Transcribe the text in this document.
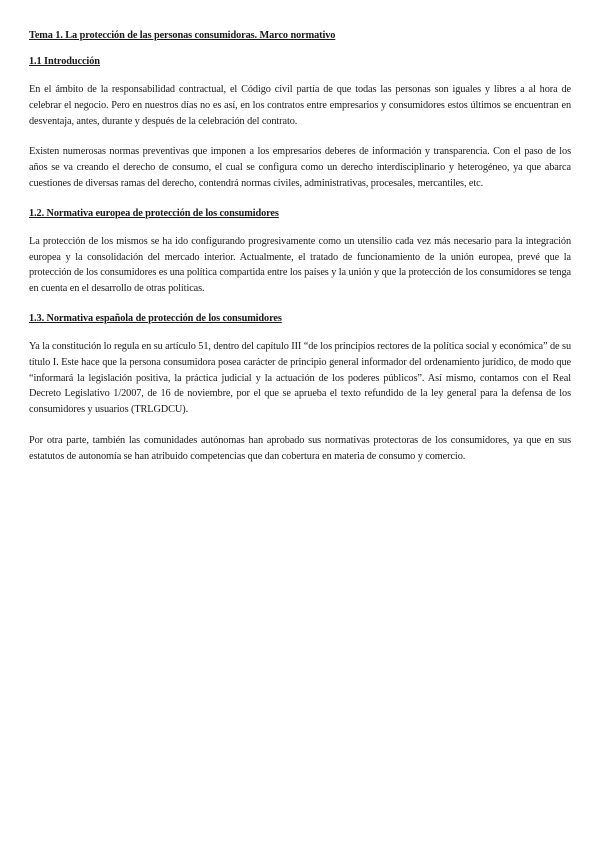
Tema 1. La protección de las personas consumidoras. Marco normativo
1.1 Introducción

En el ámbito de la responsabilidad contractual, el Código civil partía de que todas las personas son iguales y libres a al hora de celebrar el negocio. Pero en nuestros días no es así, en los contratos entre empresarios y consumidores estos últimos se encuentran en desventaja, antes, durante y después de la celebración del contrato.

Existen numerosas normas preventivas que imponen a los empresarios deberes de información y transparencia. Con el paso de los años se va creando el derecho de consumo, el cual se configura como un derecho interdisciplinario y heterogéneo, ya que abarca cuestiones de diversas ramas del derecho, contendrá normas civiles, administrativas, procesales, mercantiles, etc.

1.2. Normativa europea de protección de los consumidores

La protección de los mismos se ha ido configurando progresivamente como un utensilio cada vez más necesario para la integración europea y la consolidación del mercado interior. Actualmente, el tratado de funcionamiento de la unión europea, prevé que la protección de los consumidores es una política compartida entre los países y la unión y que la protección de los consumidores se tenga en cuenta en el desarrollo de otras políticas.

1.3. Normativa española de protección de los consumidores

Ya la constitución lo regula en su artículo 51, dentro del capítulo III “de los principios rectores de la política social y económica” de su título I. Este hace que la persona consumidora posea carácter de principio general informador del ordenamiento jurídico, de modo que “informará la legislación positiva, la práctica judicial y la actuación de los poderes públicos”. Así mismo, contamos con el Real Decreto Legislativo 1/2007, de 16 de noviembre, por el que se aprueba el texto refundido de la ley general para la defensa de los consumidores y usuarios (TRLGDCU).

Por otra parte, también las comunidades autónomas han aprobado sus normativas protectoras de los consumidores, ya que en sus estatutos de autonomía se han atribuido competencias que dan cobertura en materia de consumo y comercio.
